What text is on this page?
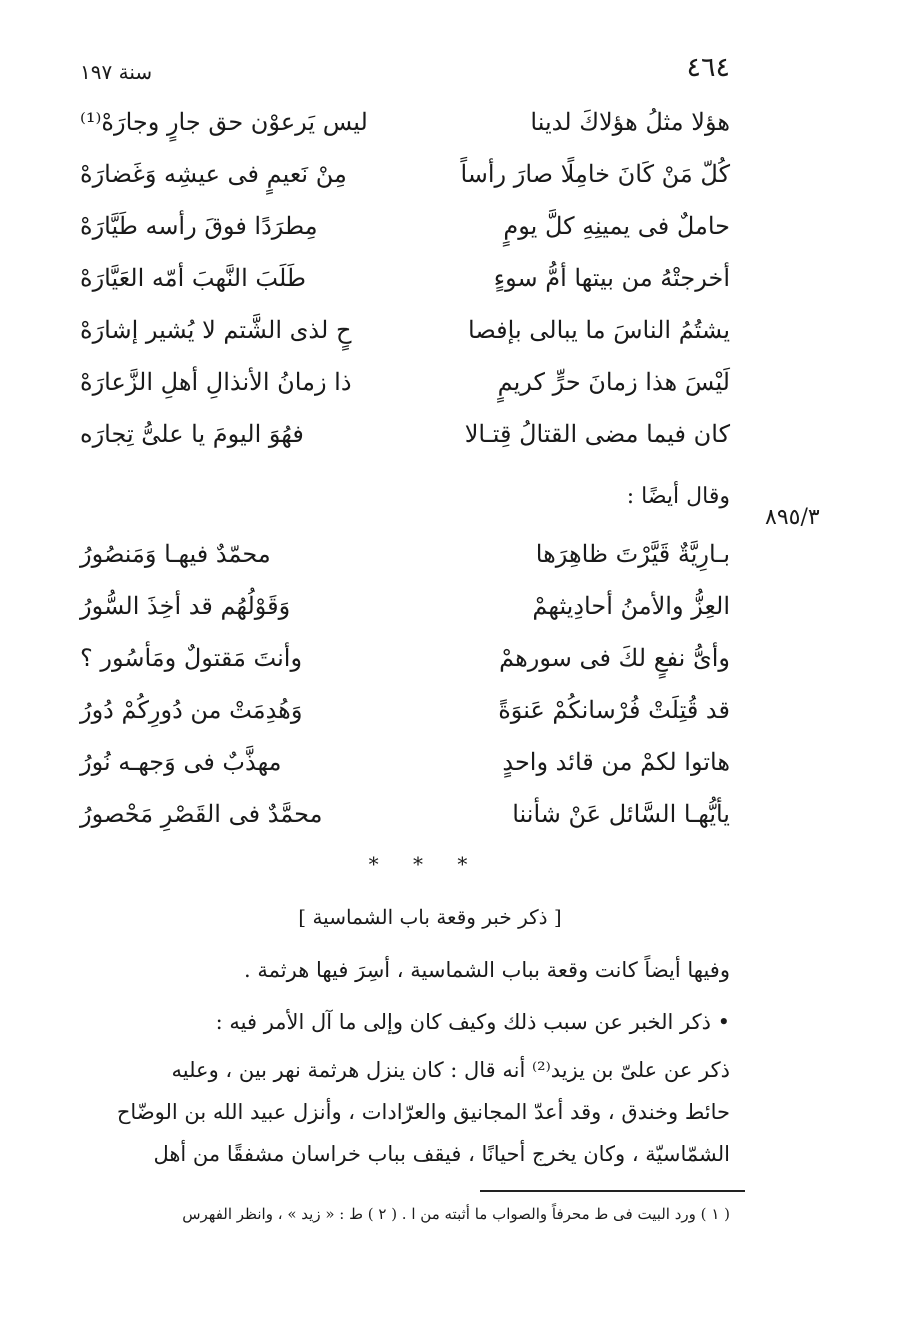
٤٦٤
سنة ١٩٧
هؤلا مثلُ هؤلاكَ لدينا
ليس يَرعوْن حق جارٍ وجارَهْ⁽¹⁾
كُلّ مَنْ كَانَ خامِلًا صارَ رأساً
مِنْ نَعيمٍ فى عيشِه وَغَضارَهْ
حاملٌ فى يمينِهِ كلَّ يومٍ
مِطرَدًا فوقَ رأسه طَيَّارَهْ
أخرجتْهُ من بيتها أمُّ سوءٍ
طَلَبَ النَّهبَ أمّه العَيَّارَهْ
يشتُمُ الناسَ ما يبالى بإفصا
حٍ لذى الشَّتم لا يُشير إشارَهْ
لَيْسَ هذا زمانَ حرٍّ كريمٍ
ذا زمانُ الأنذالِ أهلِ الزَّعارَهْ
كان فيما مضى القتالُ قِتـالا
فهُوَ اليومَ يا علىُّ تِجارَه
وقال أيضًا :
٨٩٥/٣
بـارِيَّةٌ قَيَّرْتَ ظاهِرَها
محمّدٌ فيهـا وَمَنصُورُ
العِزُّ والأمنُ أحادِيثهمْ
وَقَوْلُهُم قد أخِذَ السُّورُ
وأىُّ نفعٍ لكَ فى سورهمْ
وأنتَ مَقتولٌ ومَأسُور ؟
قد قُتِلَتْ فُرْسانكُمْ عَنوَةً
وَهُدِمَتْ من دُورِكُمْ دُورُ
هاتوا لكمْ من قائد واحدٍ
مهذَّبٌ فى وَجهـه نُورُ
يأيُّهـا السَّائل عَنْ شأننا
محمَّدٌ فى القَصْرِ مَحْصورُ
* * *
[ ذكر خبر وقعة باب الشماسية ]
وفيها أيضاً كانت وقعة بباب الشماسية ، أسِرَ فيها هرثمة .
• ذكر الخبر عن سبب ذلك وكيف كان وإلى ما آل الأمر فيه :
ذكر عن علىّ بن يزيد⁽²⁾ أنه قال : كان ينزل هرثمة نهر بين ، وعليه
حائط وخندق ، وقد أعدّ المجانيق والعرّادات ، وأنزل عبيد الله بن الوضّاح
الشمّاسيّة ، وكان يخرج أحيانًا ، فيقف بباب خراسان مشفقًا من أهل
( ١ ) ورد البيت فى ط محرفاً والصواب ما أثبته من ا . ( ٢ ) ط : « زيد » ، وانظر الفهرس
